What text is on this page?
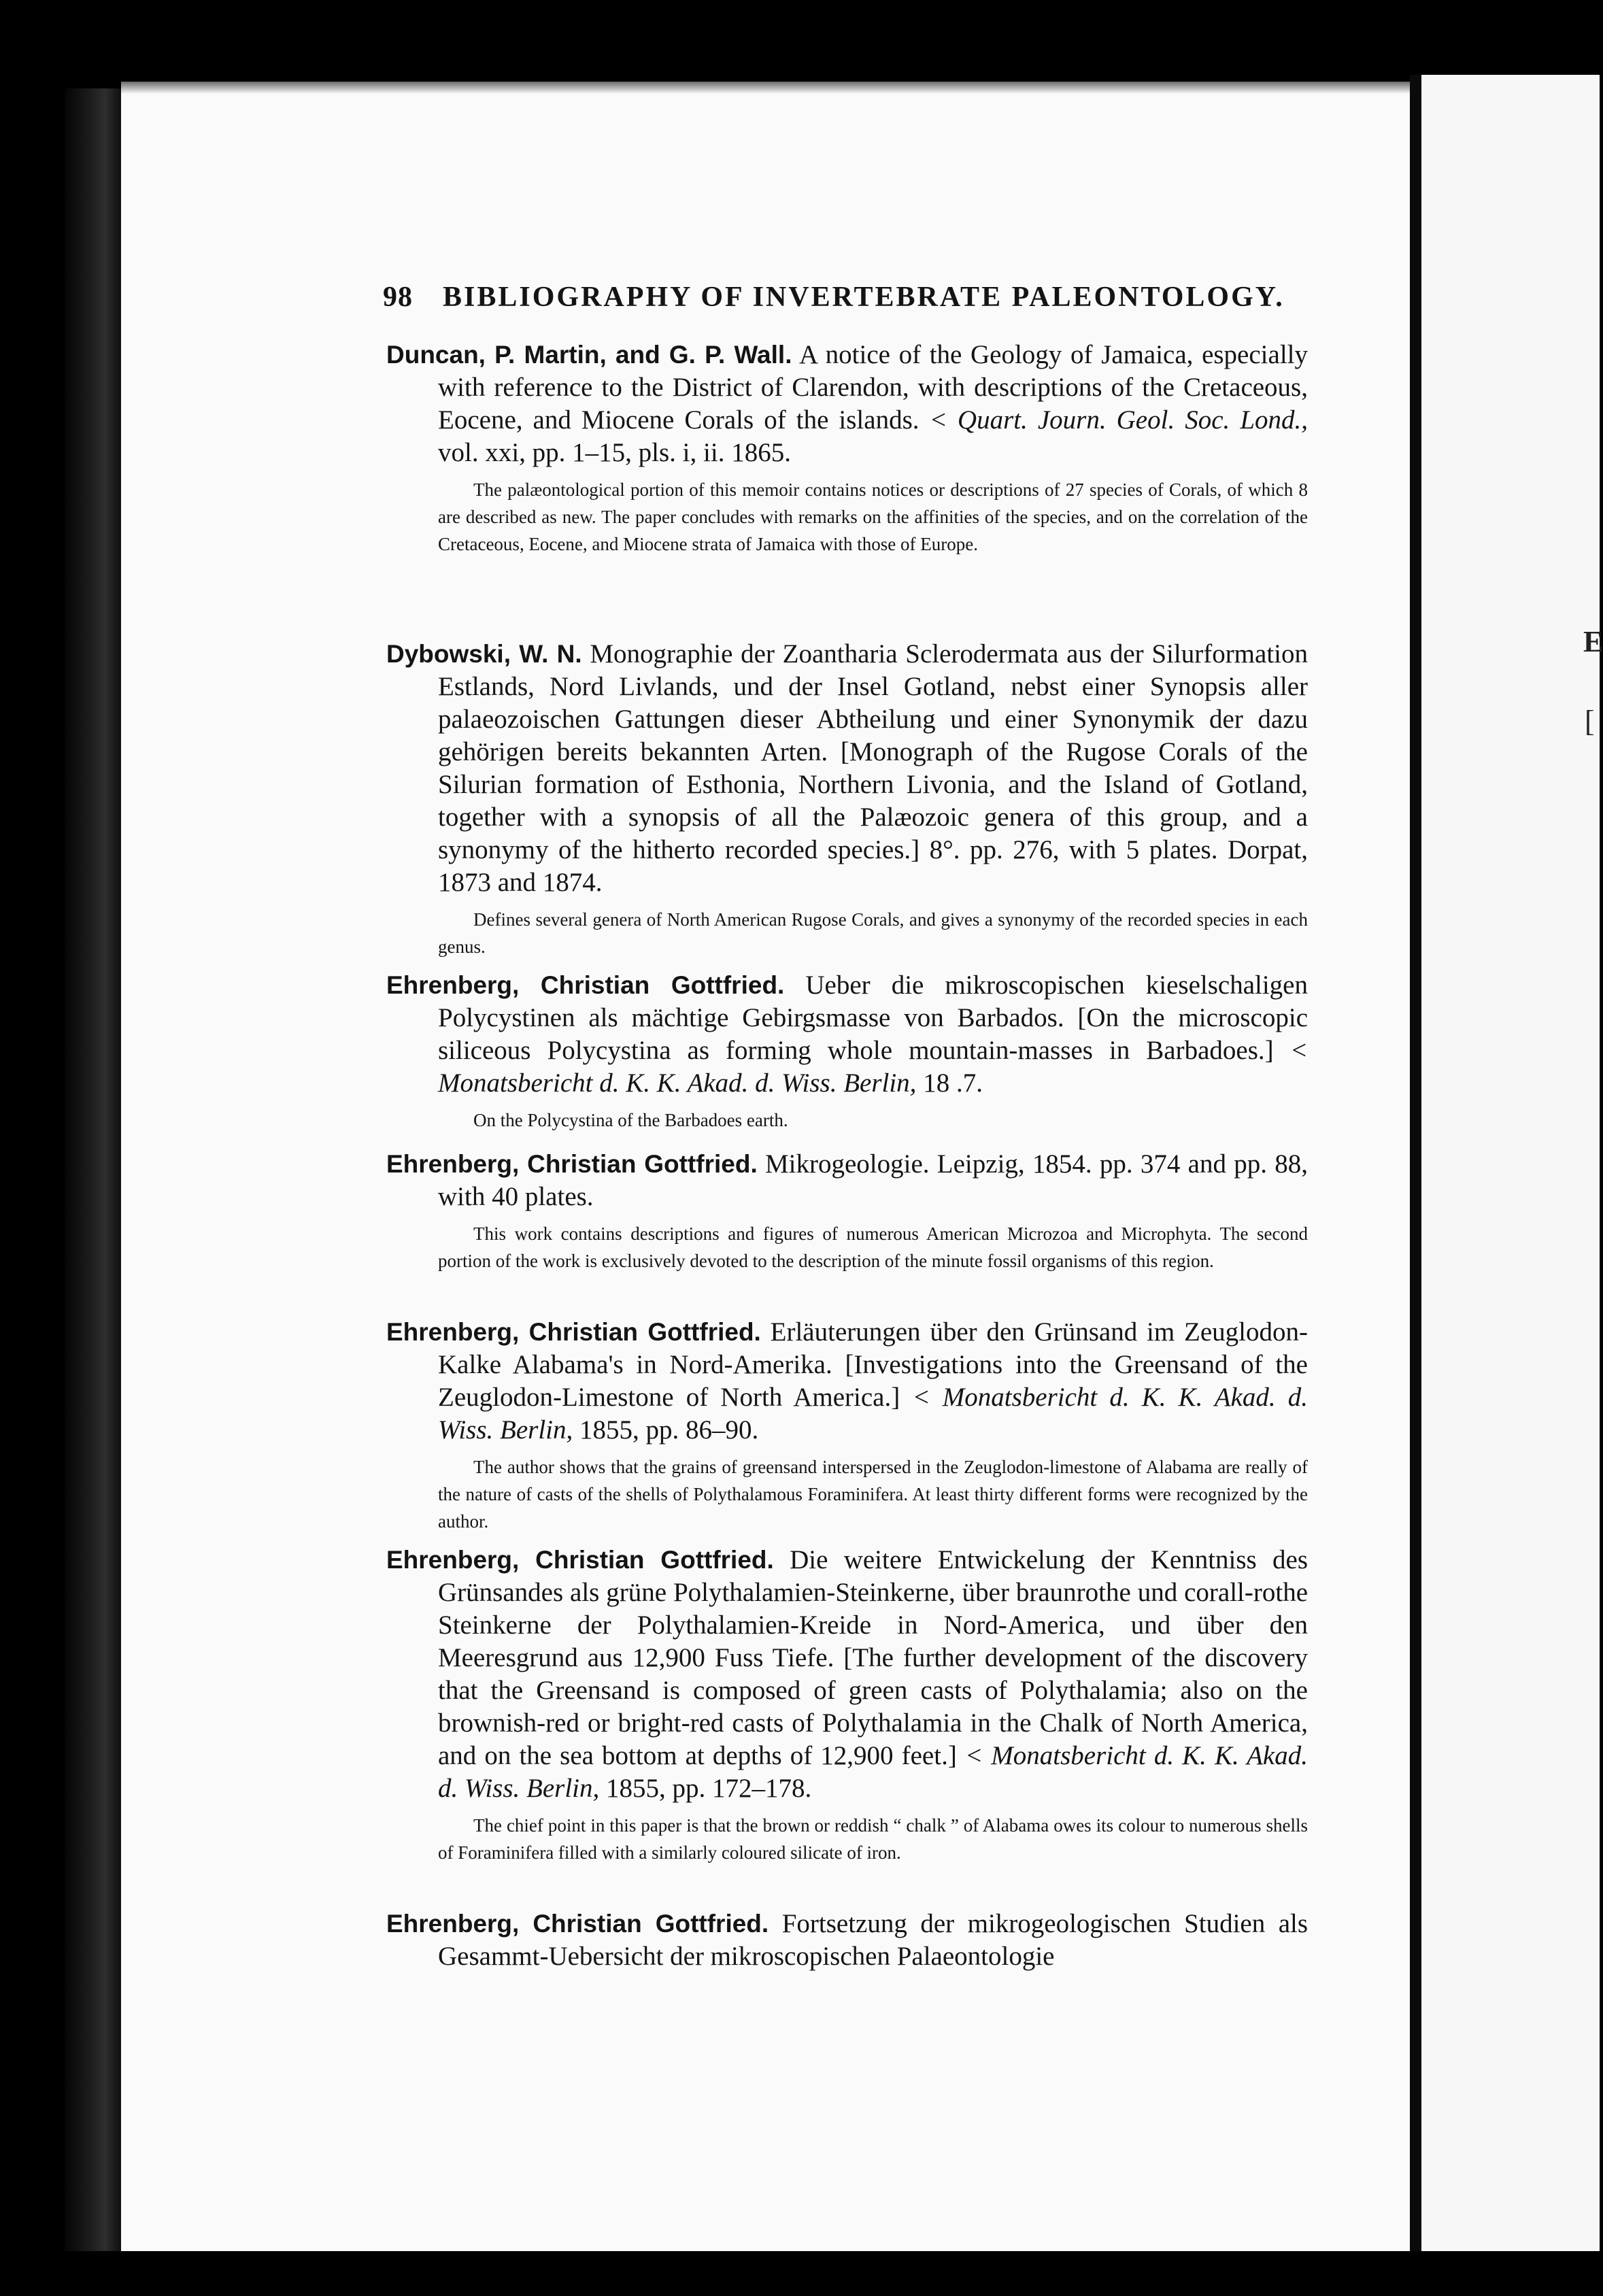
E
[
98 BIBLIOGRAPHY OF INVERTEBRATE PALEONTOLOGY.
Duncan, P. Martin, and G. P. Wall. A notice of the Geology of Jamaica, especially with reference to the District of Clarendon, with descriptions of the Cretaceous, Eocene, and Miocene Corals of the islands. < Quart. Journ. Geol. Soc. Lond., vol. xxi, pp. 1–15, pls. i, ii. 1865.
The palæontological portion of this memoir contains notices or descriptions of 27 species of Corals, of which 8 are described as new. The paper concludes with remarks on the affinities of the species, and on the correlation of the Cretaceous, Eocene, and Miocene strata of Jamaica with those of Europe.
Dybowski, W. N. Monographie der Zoantharia Sclerodermata aus der Silurformation Estlands, Nord Livlands, und der Insel Gotland, nebst einer Synopsis aller palaeozoischen Gattungen dieser Abtheilung und einer Synonymik der dazu gehörigen bereits bekannten Arten. [Monograph of the Rugose Corals of the Silurian formation of Esthonia, Northern Livonia, and the Island of Gotland, together with a synopsis of all the Palæozoic genera of this group, and a synonymy of the hitherto recorded species.] 8°. pp. 276, with 5 plates. Dorpat, 1873 and 1874.
Defines several genera of North American Rugose Corals, and gives a synonymy of the recorded species in each genus.
Ehrenberg, Christian Gottfried. Ueber die mikroscopischen kieselschaligen Polycystinen als mächtige Gebirgsmasse von Barbados. [On the microscopic siliceous Polycystina as forming whole mountain-masses in Barbadoes.] < Monatsbericht d. K. K. Akad. d. Wiss. Berlin, 18 .7.
On the Polycystina of the Barbadoes earth.
Ehrenberg, Christian Gottfried. Mikrogeologie. Leipzig, 1854. pp. 374 and pp. 88, with 40 plates.
This work contains descriptions and figures of numerous American Microzoa and Microphyta. The second portion of the work is exclusively devoted to the description of the minute fossil organisms of this region.
Ehrenberg, Christian Gottfried. Erläuterungen über den Grünsand im Zeuglodon-Kalke Alabama's in Nord-Amerika. [Investigations into the Greensand of the Zeuglodon-Limestone of North America.] < Monatsbericht d. K. K. Akad. d. Wiss. Berlin, 1855, pp. 86–90.
The author shows that the grains of greensand interspersed in the Zeuglodon-limestone of Alabama are really of the nature of casts of the shells of Polythalamous Foraminifera. At least thirty different forms were recognized by the author.
Ehrenberg, Christian Gottfried. Die weitere Entwickelung der Kenntniss des Grünsandes als grüne Polythalamien-Steinkerne, über braunrothe und corall-rothe Steinkerne der Polythalamien-Kreide in Nord-America, und über den Meeresgrund aus 12,900 Fuss Tiefe. [The further development of the discovery that the Greensand is composed of green casts of Polythalamia; also on the brownish-red or bright-red casts of Polythalamia in the Chalk of North America, and on the sea bottom at depths of 12,900 feet.] < Monatsbericht d. K. K. Akad. d. Wiss. Berlin, 1855, pp. 172–178.
The chief point in this paper is that the brown or reddish “ chalk ” of Alabama owes its colour to numerous shells of Foraminifera filled with a similarly coloured silicate of iron.
Ehrenberg, Christian Gottfried. Fortsetzung der mikrogeologischen Studien als Gesammt-Uebersicht der mikroscopischen Palaeontologie
